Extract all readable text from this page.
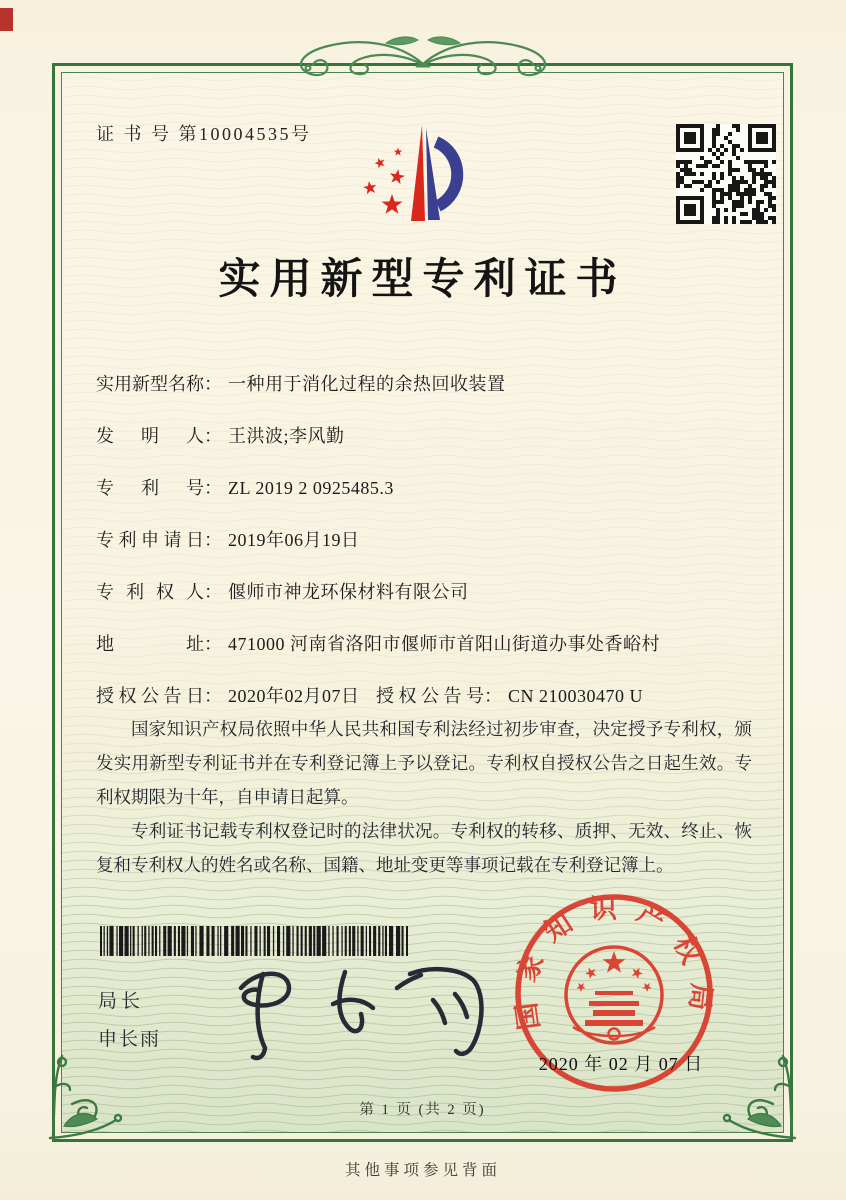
证 书 号 第10004535号
实用新型专利证书
实用新型名称： 一种用于消化过程的余热回收装置
发明人： 王洪波;李风勤
专利号： ZL 2019 2 0925485.3
专利申请日： 2019年06月19日
专利权人： 偃师市神龙环保材料有限公司
地址： 471000 河南省洛阳市偃师市首阳山街道办事处香峪村
授权公告日： 2020年02月07日 授权公告号： CN 210030470 U

国家知识产权局依照中华人民共和国专利法经过初步审查，决定授予专利权，颁发实用新型专利证书并在专利登记簿上予以登记。专利权自授权公告之日起生效。专利权期限为十年，自申请日起算。

专利证书记载专利权登记时的法律状况。专利权的转移、质押、无效、终止、恢复和专利权人的姓名或名称、国籍、地址变更等事项记载在专利登记簿上。

局长
申长雨
国家知识产权局
2020 年 02 月 07 日
第 1 页 (共 2 页)
其他事项参见背面
